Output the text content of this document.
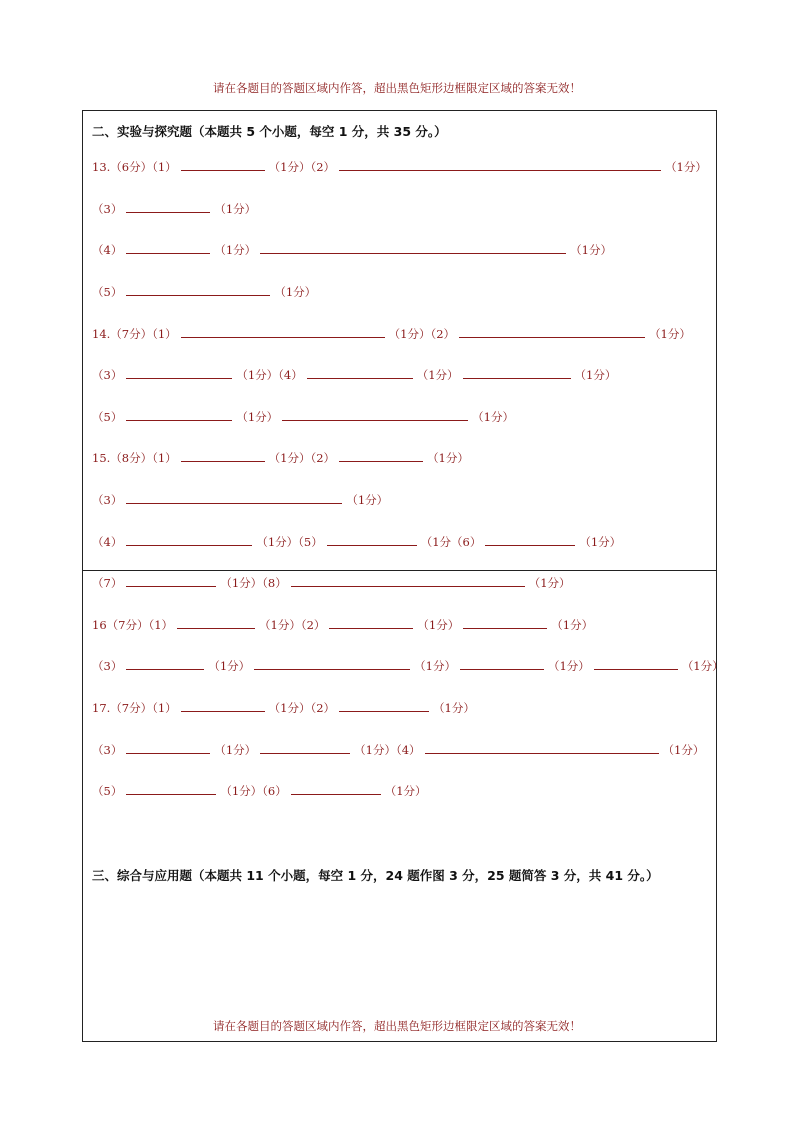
请在各题目的答题区域内作答，超出黑色矩形边框限定区域的答案无效！
二、实验与探究题（本题共 5 个小题，每空 1 分，共 35 分。）
13.（6分）（1）	（1分）（2）	（1分）
（3）	（1分）
（4）	（1分）	（1分）
（5）	（1分）
14.（7分）（1）	（1分）（2）	（1分）
（3）	（1分）（4）	（1分）	（1分）
（5）	（1分）	（1分）
15.（8分）（1）	（1分）（2）	（1分）
（3）	（1分）
（4）	（1分）（5）	（1分（6）	（1分）
（7）	（1分）（8）	（1分）
16（7分）（1）	（1分）（2）	（1分）	（1分）
（3）	（1分）	（1分）	（1分）	（1分）
17.（7分）（1）	（1分）（2）	（1分）
（3）	（1分）	（1分）（4）	（1分）
（5）	（1分）（6）	（1分）
三、综合与应用题（本题共 11 个小题，每空 1 分，24 题作图 3 分，25 题简答 3 分，共 41 分。）
请在各题目的答题区域内作答，超出黑色矩形边框限定区域的答案无效！
